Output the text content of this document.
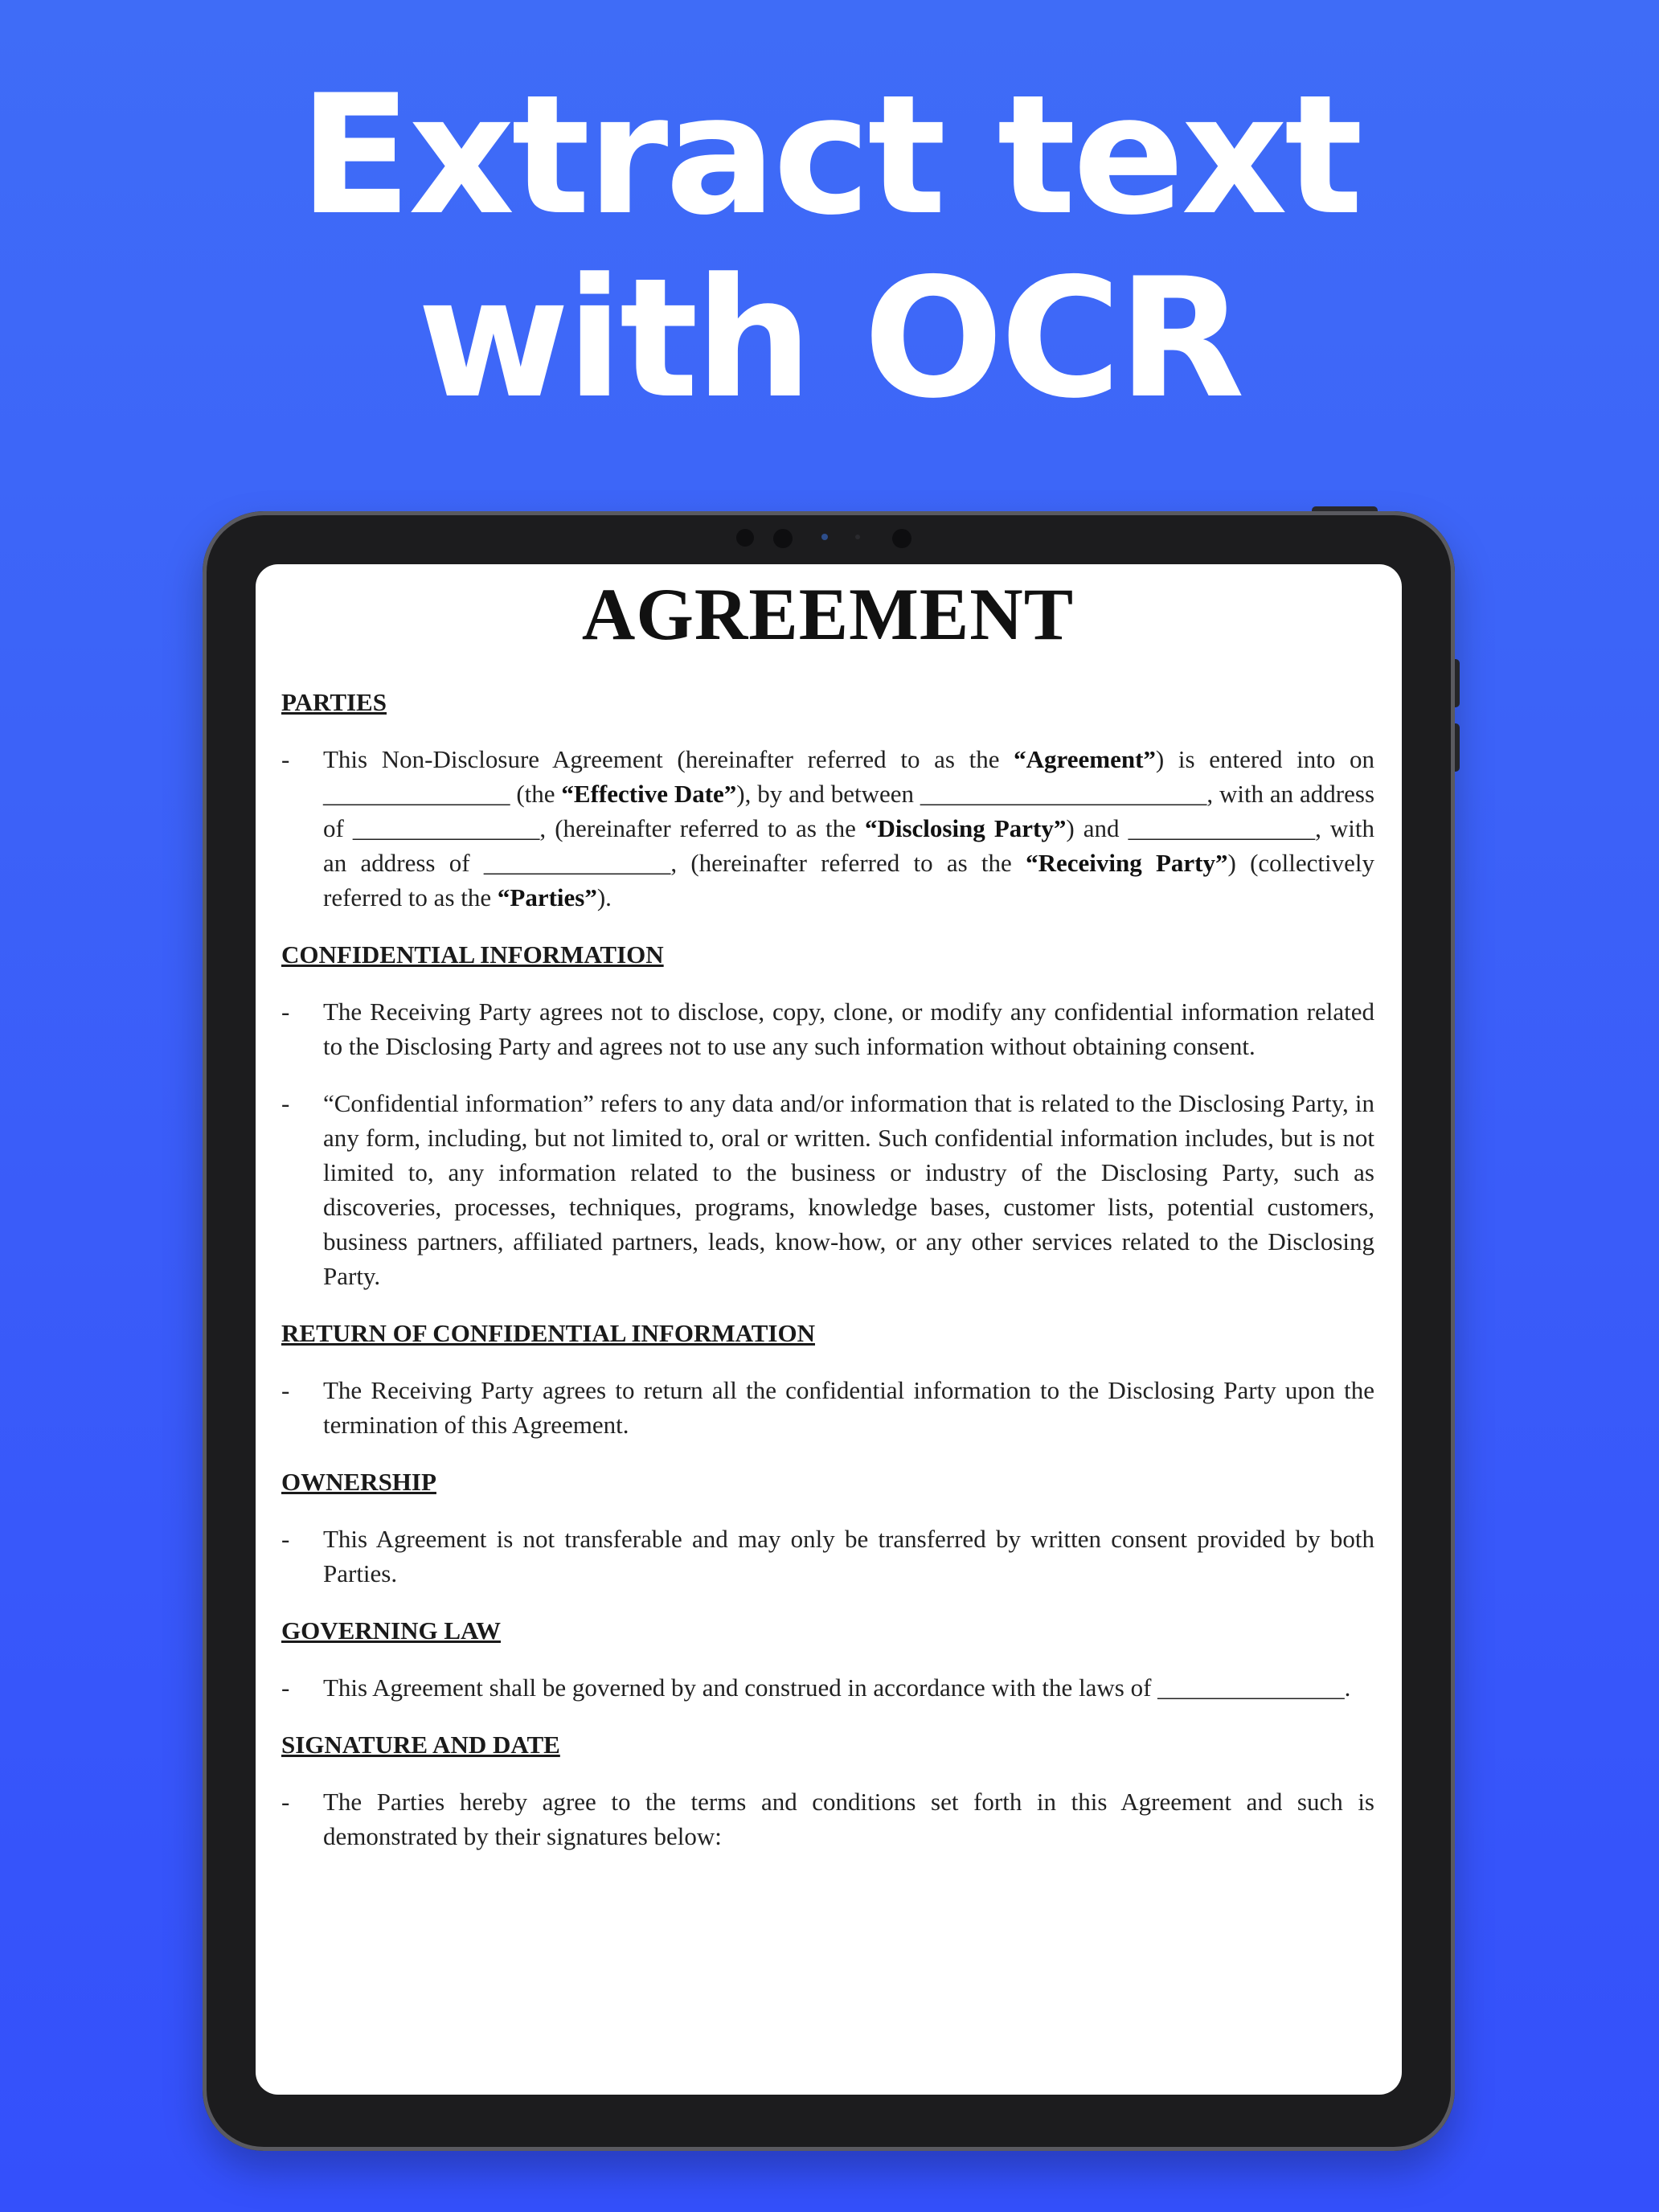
Extract text
with OCR
AGREEMENT
PARTIES
-	This Non-Disclosure Agreement (hereinafter referred to as the “Agreement”) is entered into on _______________ (the “Effective Date”), by and between _______________________, with an address of _______________, (hereinafter referred to as the “Disclosing Party”) and _______________, with an address of _______________, (hereinafter referred to as the “Receiving Party”) (collectively referred to as the “Parties”).
CONFIDENTIAL INFORMATION
-	The Receiving Party agrees not to disclose, copy, clone, or modify any confidential information related to the Disclosing Party and agrees not to use any such information without obtaining consent.
-	“Confidential information” refers to any data and/or information that is related to the Disclosing Party, in any form, including, but not limited to, oral or written. Such confidential information includes, but is not limited to, any information related to the business or industry of the Disclosing Party, such as discoveries, processes, techniques, programs, knowledge bases, customer lists, potential customers, business partners, affiliated partners, leads, know-how, or any other services related to the Disclosing Party.
RETURN OF CONFIDENTIAL INFORMATION
-	The Receiving Party agrees to return all the confidential information to the Disclosing Party upon the termination of this Agreement.
OWNERSHIP
-	This Agreement is not transferable and may only be transferred by written consent provided by both Parties.
GOVERNING LAW
-	This Agreement shall be governed by and construed in accordance with the laws of _______________.
SIGNATURE AND DATE
-	The Parties hereby agree to the terms and conditions set forth in this Agreement and such is demonstrated by their signatures below:
